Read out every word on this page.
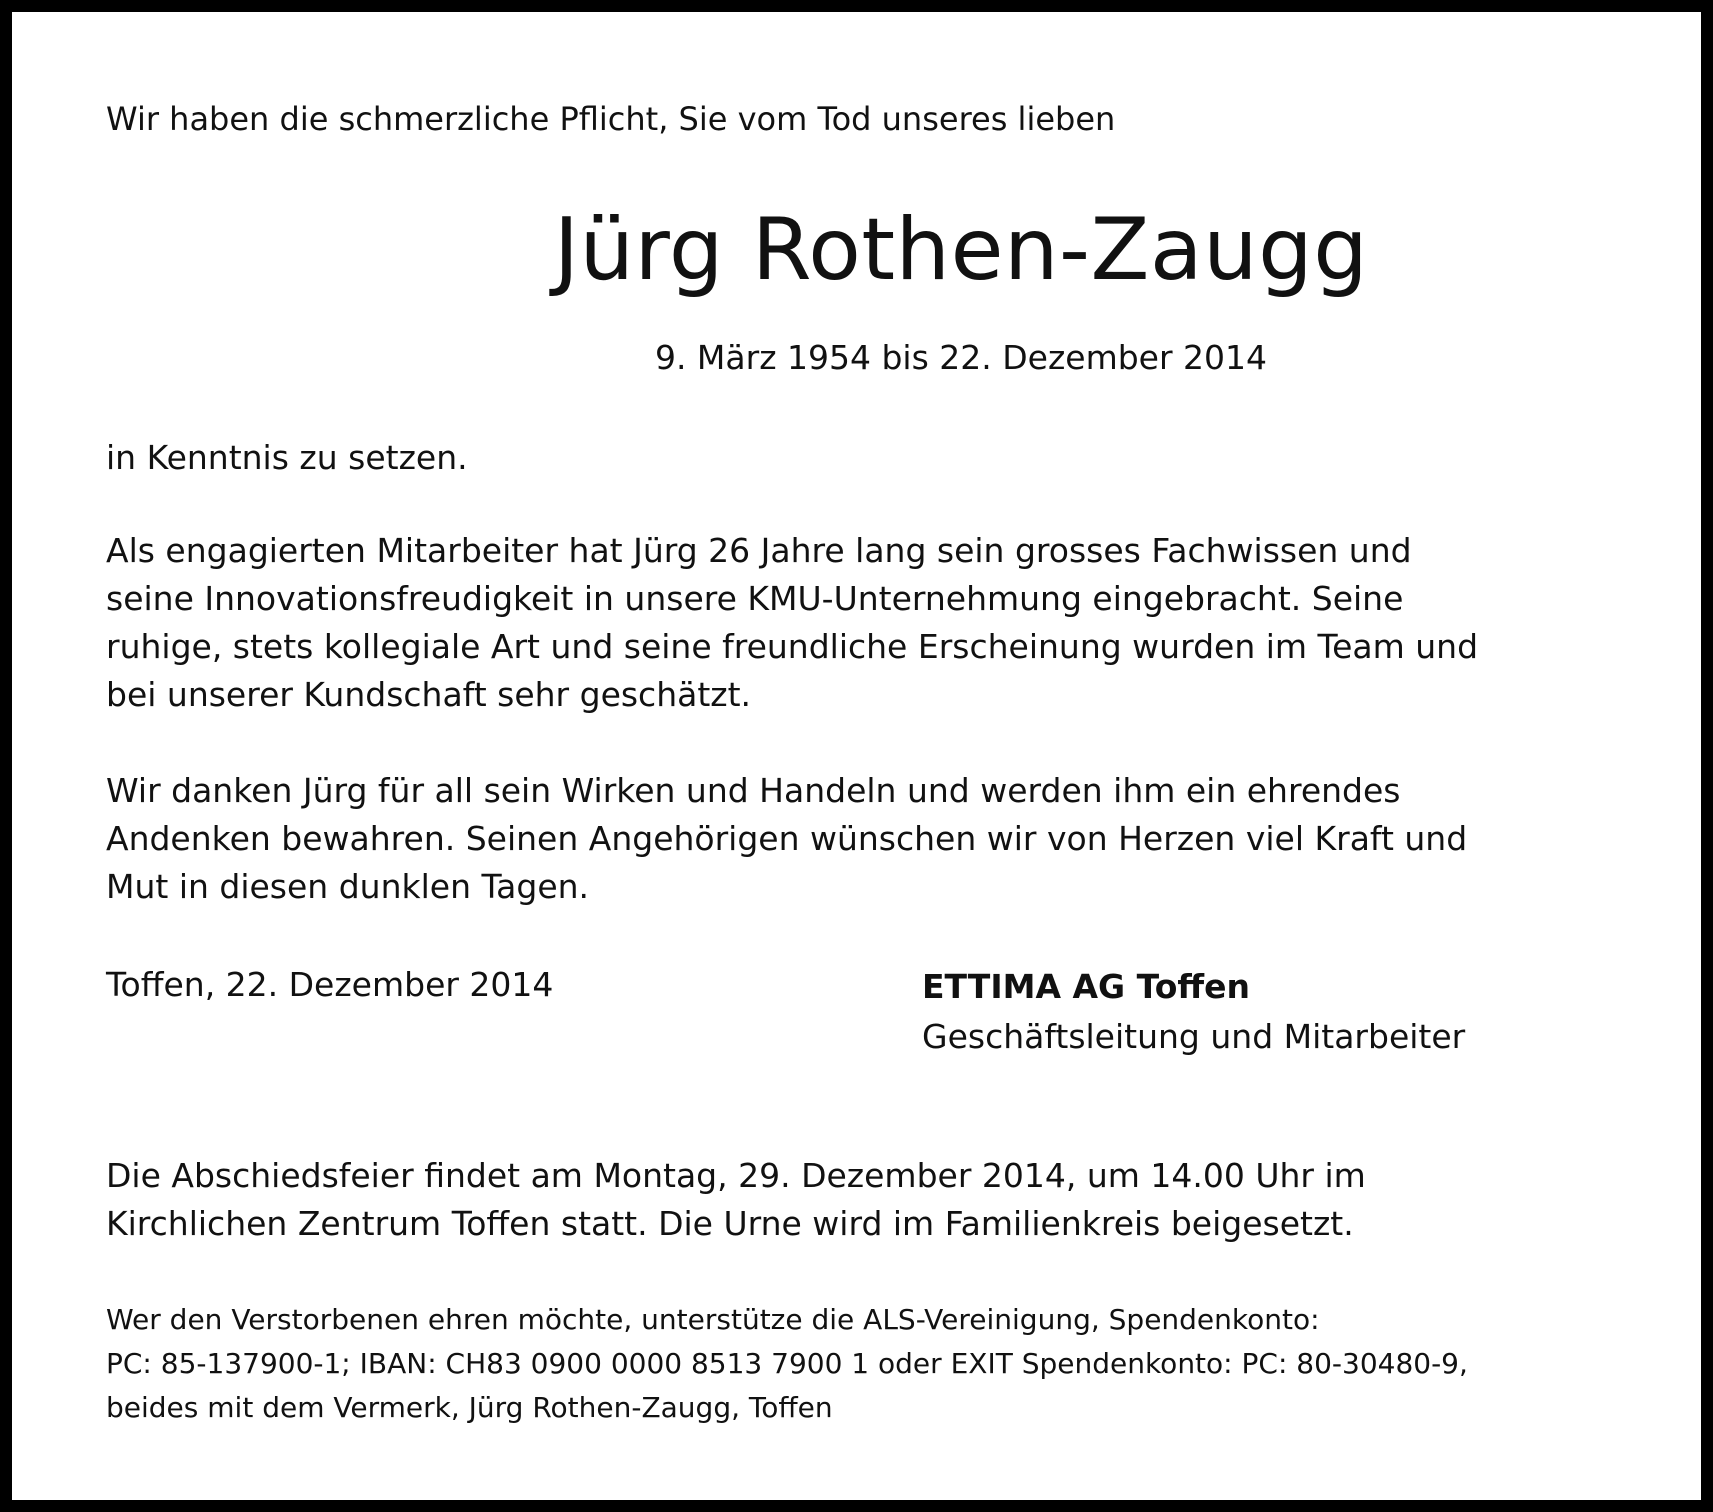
Wir haben die schmerzliche Pflicht, Sie vom Tod unseres lieben
Jürg Rothen-Zaugg
9. März 1954 bis 22. Dezember 2014
in Kenntnis zu setzen.
Als engagierten Mitarbeiter hat Jürg 26 Jahre lang sein grosses Fachwissen und
seine Innovationsfreudigkeit in unsere KMU-Unternehmung eingebracht. Seine
ruhige, stets kollegiale Art und seine freundliche Erscheinung wurden im Team und
bei unserer Kundschaft sehr geschätzt.
Wir danken Jürg für all sein Wirken und Handeln und werden ihm ein ehrendes
Andenken bewahren. Seinen Angehörigen wünschen wir von Herzen viel Kraft und
Mut in diesen dunklen Tagen.
Toffen, 22. Dezember 2014	ETTIMA AG Toffen
Geschäftsleitung und Mitarbeiter
Die Abschiedsfeier findet am Montag, 29. Dezember 2014, um 14.00 Uhr im
Kirchlichen Zentrum Toffen statt. Die Urne wird im Familienkreis beigesetzt.
Wer den Verstorbenen ehren möchte, unterstütze die ALS-Vereinigung, Spendenkonto:
PC: 85-137900-1; IBAN: CH83 0900 0000 8513 7900 1 oder EXIT Spendenkonto: PC: 80-30480-9,
beides mit dem Vermerk, Jürg Rothen-Zaugg, Toffen
